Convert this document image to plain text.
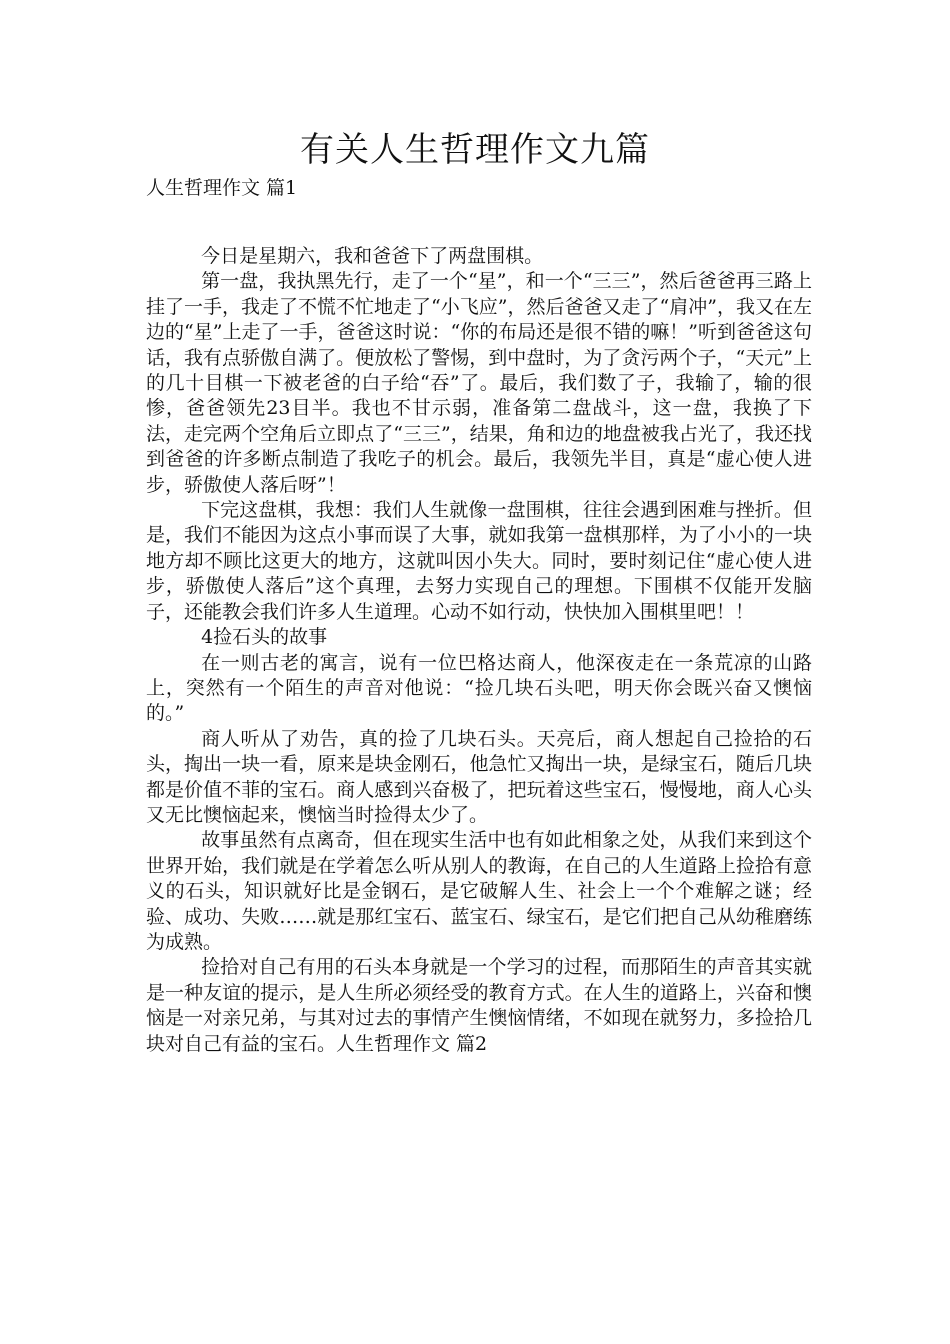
有关人生哲理作文九篇
人生哲理作文 篇1

今日是星期六，我和爸爸下了两盘围棋。

第一盘，我执黑先行，走了一个“星”，和一个“三三”，然后爸爸再三路上挂了一手，我走了不慌不忙地走了“小飞应”，然后爸爸又走了“肩冲”，我又在左边的“星”上走了一手，爸爸这时说：“你的布局还是很不错的嘛！”听到爸爸这句话，我有点骄傲自满了。便放松了警惕，到中盘时，为了贪污两个子，“天元”上的几十目棋一下被老爸的白子给“吞”了。最后，我们数了子，我输了，输的很惨，爸爸领先23目半。我也不甘示弱，准备第二盘战斗，这一盘，我换了下法，走完两个空角后立即点了“三三”，结果，角和边的地盘被我占光了，我还找到爸爸的许多断点制造了我吃子的机会。最后，我领先半目，真是“虚心使人进步，骄傲使人落后呀”！

下完这盘棋，我想：我们人生就像一盘围棋，往往会遇到困难与挫折。但是，我们不能因为这点小事而误了大事，就如我第一盘棋那样，为了小小的一块地方却不顾比这更大的地方，这就叫因小失大。同时，要时刻记住“虚心使人进步，骄傲使人落后”这个真理，去努力实现自己的理想。下围棋不仅能开发脑子，还能教会我们许多人生道理。心动不如行动，快快加入围棋里吧！！

4捡石头的故事

在一则古老的寓言，说有一位巴格达商人，他深夜走在一条荒凉的山路上，突然有一个陌生的声音对他说：“捡几块石头吧，明天你会既兴奋又懊恼的。”

商人听从了劝告，真的捡了几块石头。天亮后，商人想起自己捡拾的石头，掏出一块一看，原来是块金刚石，他急忙又掏出一块，是绿宝石，随后几块都是价值不菲的宝石。商人感到兴奋极了，把玩着这些宝石，慢慢地，商人心头又无比懊恼起来，懊恼当时捡得太少了。

故事虽然有点离奇，但在现实生活中也有如此相象之处，从我们来到这个世界开始，我们就是在学着怎么听从别人的教诲，在自己的人生道路上捡拾有意义的石头，知识就好比是金钢石，是它破解人生、社会上一个个难解之谜；经验、成功、失败……就是那红宝石、蓝宝石、绿宝石，是它们把自己从幼稚磨练为成熟。

捡拾对自己有用的石头本身就是一个学习的过程，而那陌生的声音其实就是一种友谊的提示，是人生所必须经受的教育方式。在人生的道路上，兴奋和懊恼是一对亲兄弟，与其对过去的事情产生懊恼情绪，不如现在就努力，多捡拾几块对自己有益的宝石。人生哲理作文 篇2
